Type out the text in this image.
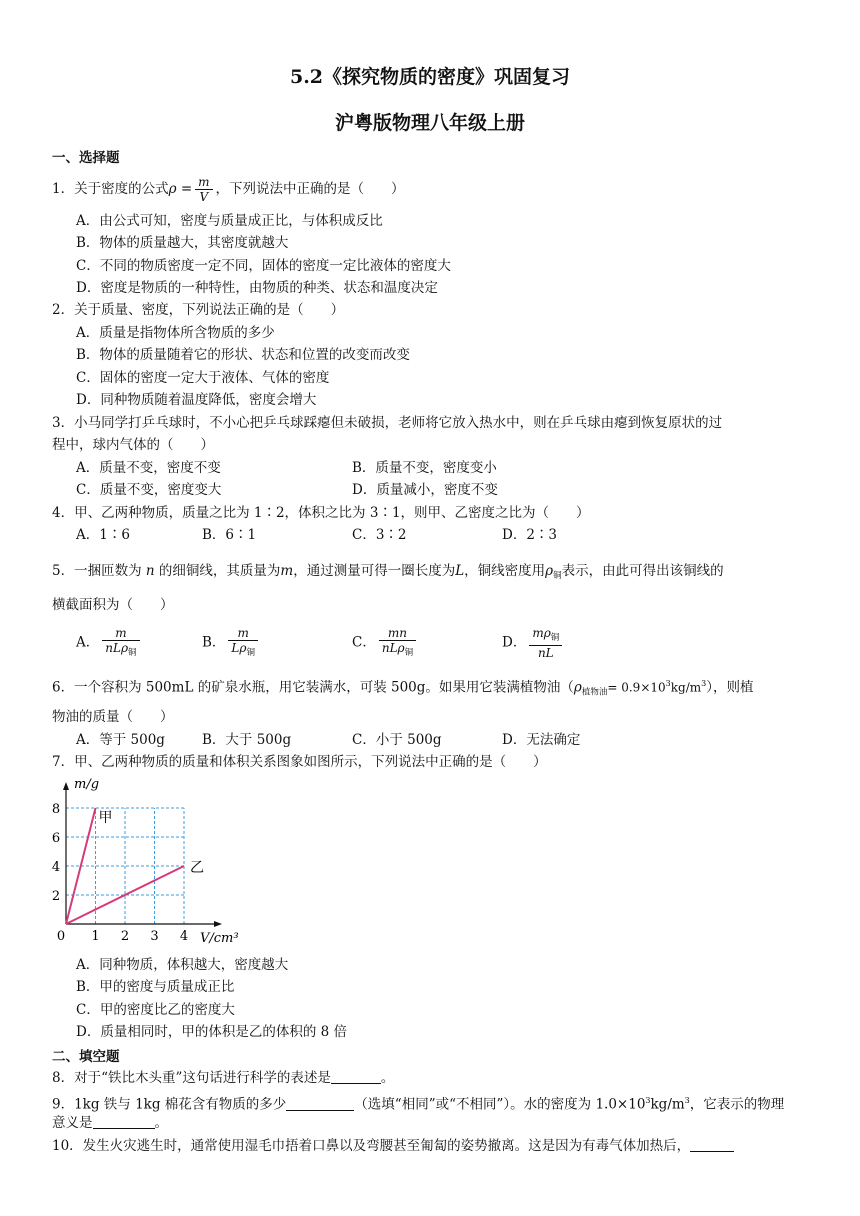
5.2《探究物质的密度》巩固复习
沪粤版物理八年级上册
一、选择题
1．关于密度的公式$\rho = \frac{m}{V}$ ，下列说法中正确的是（　　）
A．由公式可知，密度与质量成正比，与体积成反比
B．物体的质量越大，其密度就越大
C．不同的物质密度一定不同，固体的密度一定比液体的密度大
D．密度是物质的一种特性，由物质的种类、状态和温度决定
2．关于质量、密度，下列说法正确的是（　　）
A．质量是指物体所含物质的多少
B．物体的质量随着它的形状、状态和位置的改变而改变
C．固体的密度一定大于液体、气体的密度
D．同种物质随着温度降低，密度会增大
3．小马同学打乒乓球时，不小心把乒乓球踩瘪但未破损，老师将它放入热水中，则在乒乓球由瘪到恢复原状的过
程中，球内气体的（　　）
A．质量不变，密度不变	B．质量不变，密度变小
C．质量不变，密度变大	D．质量减小，密度不变
4．甲、乙两种物质，质量之比为 1∶2，体积之比为 3∶1，则甲、乙密度之比为（　　）
A．1∶6	B．6∶1	C．3∶2	D．2∶3
5．一捆匝数为 n 的细铜线，其质量为m，通过测量可得一圈长度为L，铜线密度用$\rho_铜$表示，由此可得出该铜线的
横截面积为（　　）
A． $\frac{m}{nL\rho_铜}$	B． $\frac{m}{L\rho_铜}$	C． $\frac{mn}{nL\rho_铜}$	D． $\frac{m\rho_铜}{nL}$
6．一个容积为 500mL 的矿泉水瓶，用它装满水，可装 500g。如果用它装满植物油$(\rho_{植物油}= 0.9\times 10^3kg/m^3)$，则植
物油的质量（　　）
A．等于 500g	B．大于 500g	C．小于 500g	D．无法确定
7．甲、乙两种物质的质量和体积关系图象如图所示，下列说法中正确的是（　　）
0 1 2 3 4
2
4
6
8
V/cm³
m/g
甲
乙
A．同种物质，体积越大，密度越大
B．甲的密度与质量成正比
C．甲的密度比乙的密度大
D．质量相同时，甲的体积是乙的体积的 8 倍
二、填空题
8．对于“铁比木头重”这句话进行科学的表述是	。
9．1kg 铁与 1kg 棉花含有物质的多少	（选填“相同”或“不相同”）。水的密度为 $1.0\times 10^3kg/m^3$，它表示的物理
意义是	。
10．发生火灾逃生时，通常使用湿毛巾捂着口鼻以及弯腰甚至匍匐的姿势撤离。这是因为有毒气体加热后，
